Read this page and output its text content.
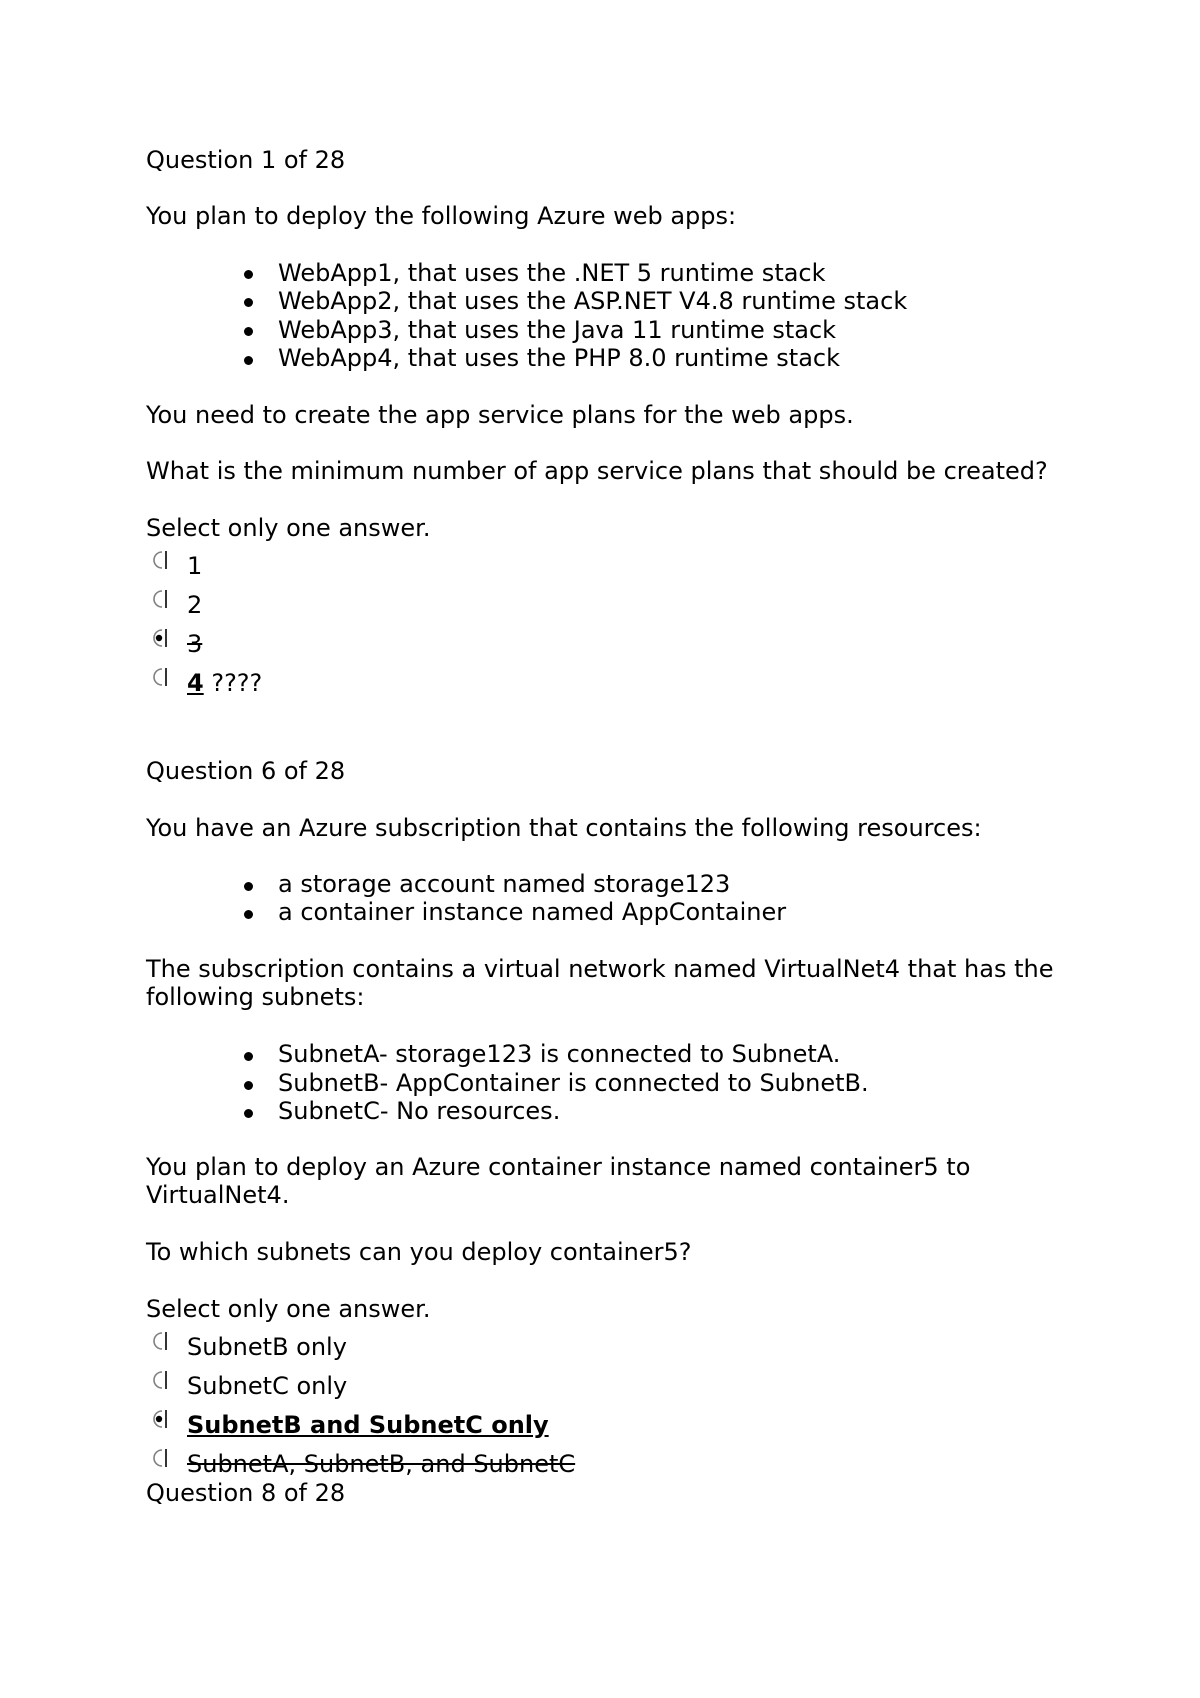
Question 1 of 28
You plan to deploy the following Azure web apps:
WebApp1, that uses the .NET 5 runtime stack
WebApp2, that uses the ASP.NET V4.8 runtime stack
WebApp3, that uses the Java 11 runtime stack
WebApp4, that uses the PHP 8.0 runtime stack
You need to create the app service plans for the web apps.
What is the minimum number of app service plans that should be created?
Select only one answer.
1
2
3
4 ????
Question 6 of 28
You have an Azure subscription that contains the following resources:
a storage account named storage123
a container instance named AppContainer
The subscription contains a virtual network named VirtualNet4 that has the following subnets:
SubnetA- storage123 is connected to SubnetA.
SubnetB- AppContainer is connected to SubnetB.
SubnetC- No resources.
You plan to deploy an Azure container instance named container5 to VirtualNet4.
To which subnets can you deploy container5?
Select only one answer.
SubnetB only
SubnetC only
SubnetB and SubnetC only
SubnetA, SubnetB, and SubnetC
Question 8 of 28
